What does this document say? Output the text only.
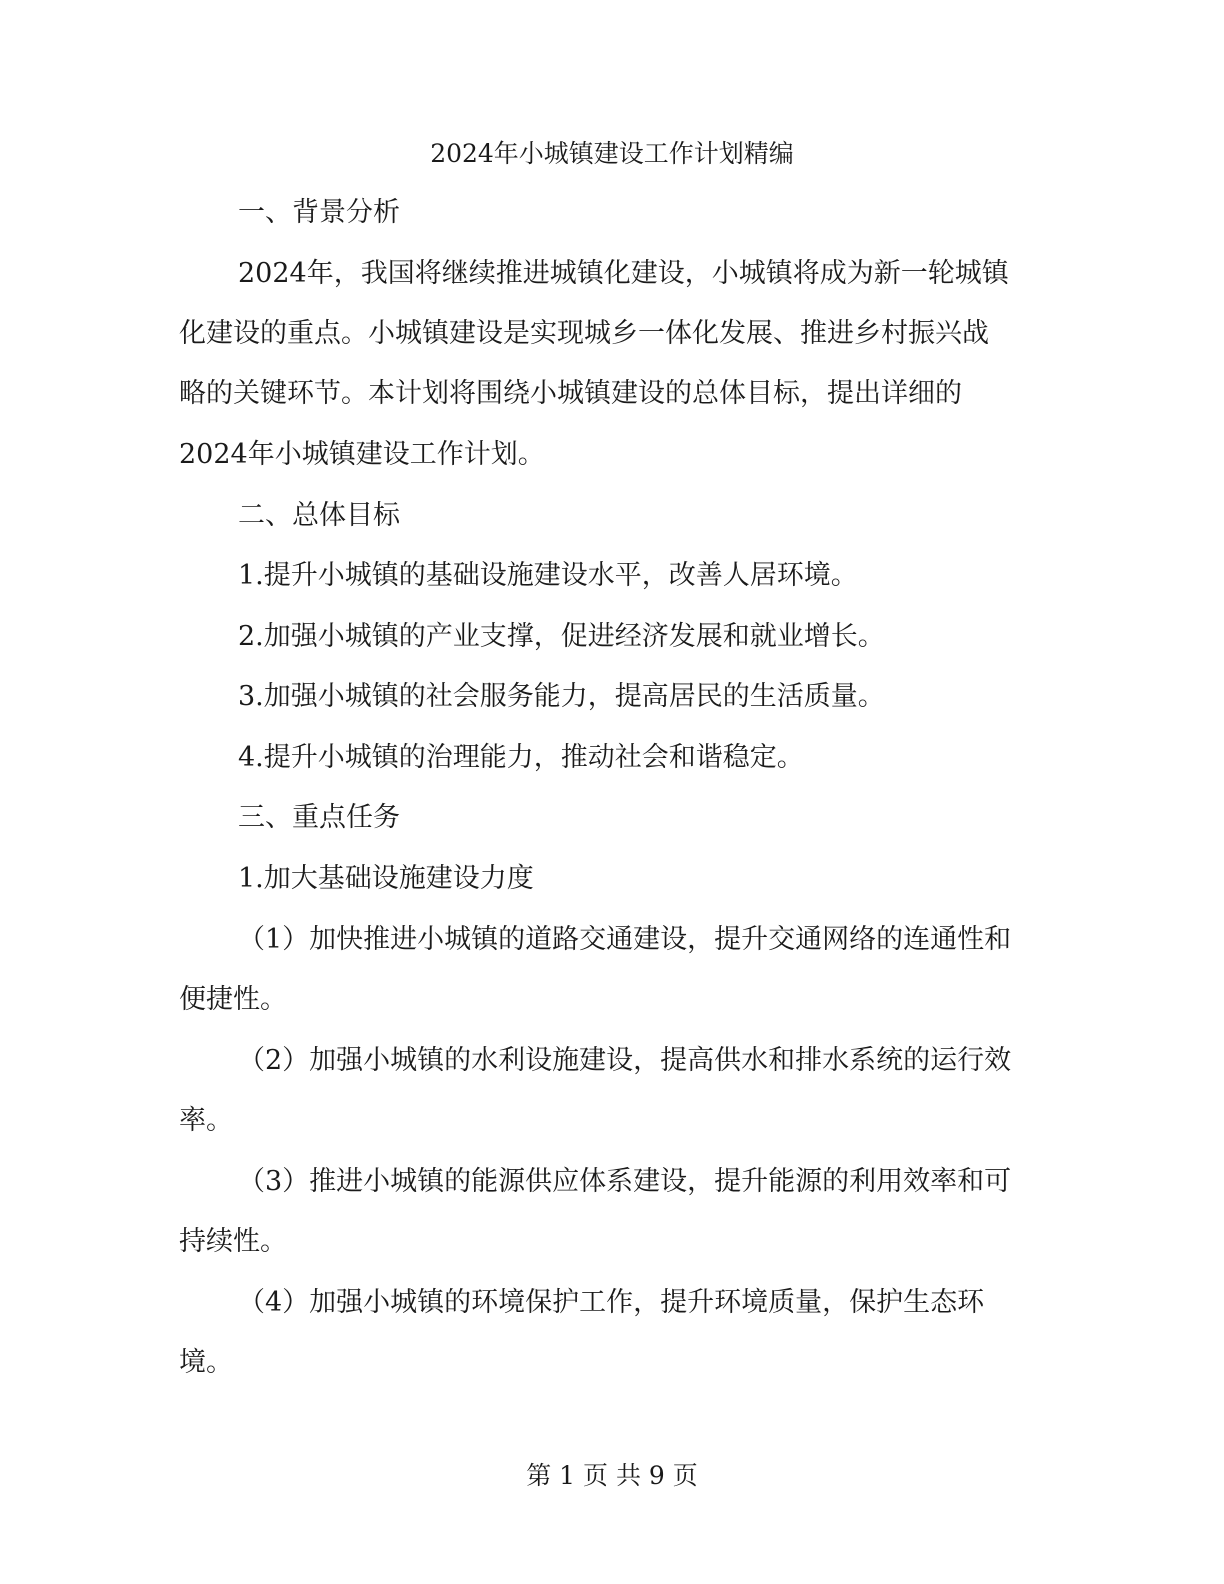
2024年小城镇建设工作计划精编
一、背景分析
2024年，我国将继续推进城镇化建设，小城镇将成为新一轮城镇
化建设的重点。小城镇建设是实现城乡一体化发展、推进乡村振兴战
略的关键环节。本计划将围绕小城镇建设的总体目标，提出详细的
2024年小城镇建设工作计划。
二、总体目标
1.提升小城镇的基础设施建设水平，改善人居环境。
2.加强小城镇的产业支撑，促进经济发展和就业增长。
3.加强小城镇的社会服务能力，提高居民的生活质量。
4.提升小城镇的治理能力，推动社会和谐稳定。
三、重点任务
1.加大基础设施建设力度
（1）加快推进小城镇的道路交通建设，提升交通网络的连通性和
便捷性。
（2）加强小城镇的水利设施建设，提高供水和排水系统的运行效
率。
（3）推进小城镇的能源供应体系建设，提升能源的利用效率和可
持续性。
（4）加强小城镇的环境保护工作，提升环境质量，保护生态环
境。
第 1 页 共 9 页
